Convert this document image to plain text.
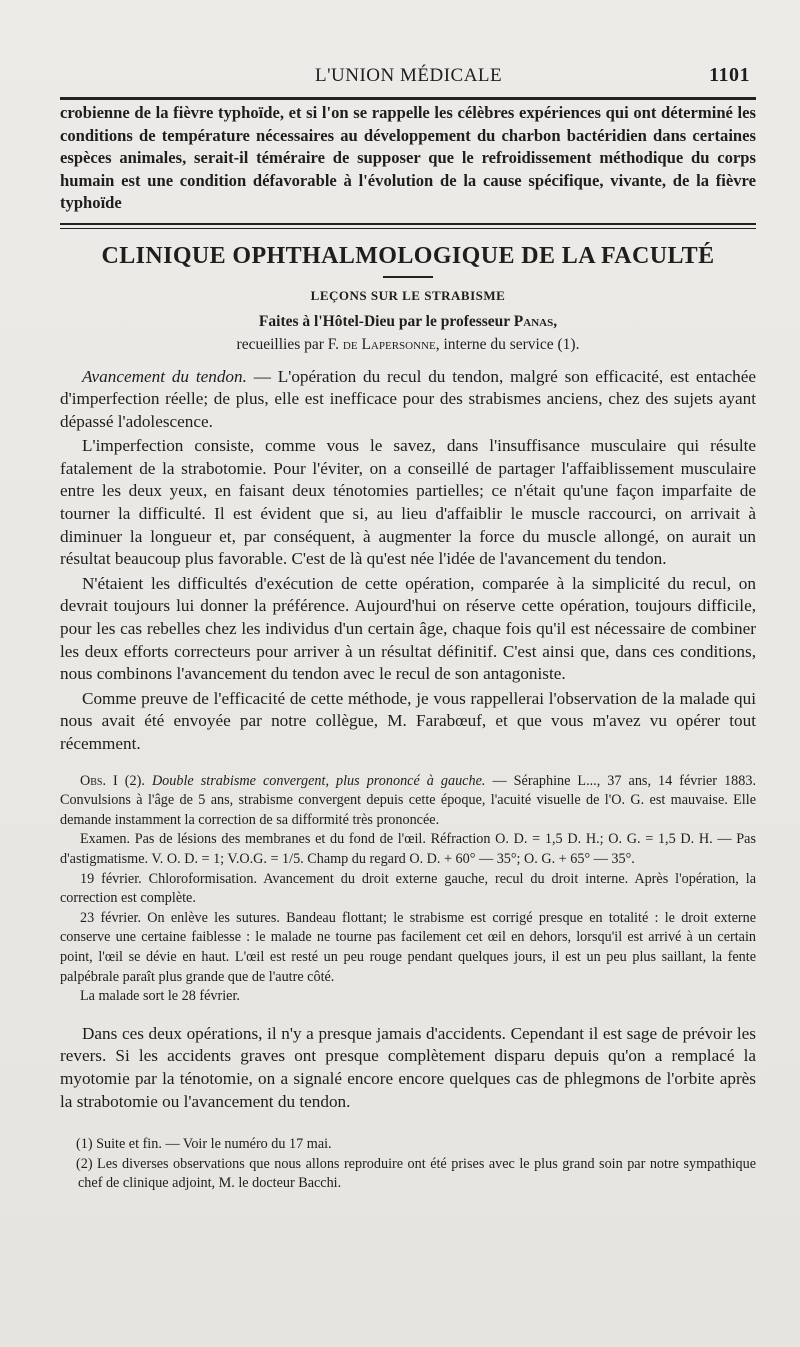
L'UNION MÉDICALE	1101

crobienne de la fièvre typhoïde, et si l'on se rappelle les célèbres expériences qui ont déterminé les conditions de température nécessaires au développement du charbon bactéridien dans certaines espèces animales, serait-il téméraire de supposer que le refroidissement méthodique du corps humain est une condition défavorable à l'évolution de la cause spécifique, vivante, de la fièvre typhoïde

CLINIQUE OPHTHALMOLOGIQUE DE LA FACULTÉ
LEÇONS SUR LE STRABISME
Faites à l'Hôtel-Dieu par le professeur Panas,
recueillies par F. de Lapersonne, interne du service (1).

Avancement du tendon. — L'opération du recul du tendon, malgré son efficacité, est entachée d'imperfection réelle; de plus, elle est inefficace pour des strabismes anciens, chez des sujets ayant dépassé l'adolescence.

L'imperfection consiste, comme vous le savez, dans l'insuffisance musculaire qui résulte fatalement de la strabotomie. Pour l'éviter, on a conseillé de partager l'affaiblissement musculaire entre les deux yeux, en faisant deux ténotomies partielles; ce n'était qu'une façon imparfaite de tourner la difficulté. Il est évident que si, au lieu d'affaiblir le muscle raccourci, on arrivait à diminuer la longueur et, par conséquent, à augmenter la force du muscle allongé, on aurait un résultat beaucoup plus favorable. C'est de là qu'est née l'idée de l'avancement du tendon.

N'étaient les difficultés d'exécution de cette opération, comparée à la simplicité du recul, on devrait toujours lui donner la préférence. Aujourd'hui on réserve cette opération, toujours difficile, pour les cas rebelles chez les individus d'un certain âge, chaque fois qu'il est nécessaire de combiner les deux efforts correcteurs pour arriver à un résultat définitif. C'est ainsi que, dans ces conditions, nous combinons l'avancement du tendon avec le recul de son antagoniste.

Comme preuve de l'efficacité de cette méthode, je vous rappellerai l'observation de la malade qui nous avait été envoyée par notre collègue, M. Farabœuf, et que vous m'avez vu opérer tout récemment.

Obs. I (2). Double strabisme convergent, plus prononcé à gauche. — Séraphine L..., 37 ans, 14 février 1883. Convulsions à l'âge de 5 ans, strabisme convergent depuis cette époque, l'acuité visuelle de l'O. G. est mauvaise. Elle demande instamment la correction de sa difformité très prononcée.

Examen. Pas de lésions des membranes et du fond de l'œil. Réfraction O. D. = 1,5 D. H.; O. G. = 1,5 D. H. — Pas d'astigmatisme. V. O. D. = 1; V.O.G. = 1/5. Champ du regard O. D. + 60° — 35°; O. G. + 65° — 35°.

19 février. Chloroformisation. Avancement du droit externe gauche, recul du droit interne. Après l'opération, la correction est complète.

23 février. On enlève les sutures. Bandeau flottant; le strabisme est corrigé presque en totalité : le droit externe conserve une certaine faiblesse : le malade ne tourne pas facilement cet œil en dehors, lorsqu'il est arrivé à un certain point, l'œil se dévie en haut. L'œil est resté un peu rouge pendant quelques jours, il est un peu plus saillant, la fente palpébrale paraît plus grande que de l'autre côté.

La malade sort le 28 février.

Dans ces deux opérations, il n'y a presque jamais d'accidents. Cependant il est sage de prévoir les revers. Si les accidents graves ont presque complètement disparu depuis qu'on a remplacé la myotomie par la ténotomie, on a signalé encore encore quelques cas de phlegmons de l'orbite après la strabotomie ou l'avancement du tendon.

(1) Suite et fin. — Voir le numéro du 17 mai.

(2) Les diverses observations que nous allons reproduire ont été prises avec le plus grand soin par notre sympathique chef de clinique adjoint, M. le docteur Bacchi.
